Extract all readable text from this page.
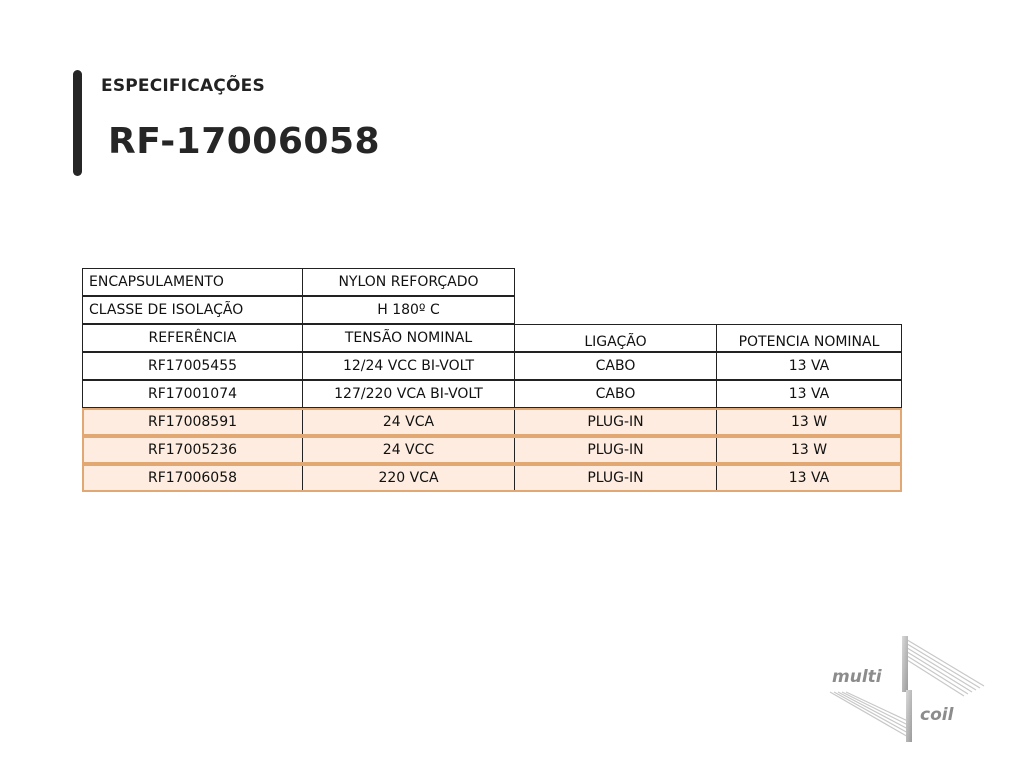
ESPECIFICAÇÕES
RF-17006058
ENCAPSULAMENTO	NYLON REFORÇADO
CLASSE DE ISOLAÇÃO	H 180º C
REFERÊNCIA	TENSÃO NOMINAL	LIGAÇÃO	POTENCIA NOMINAL
RF17005455	12/24 VCC BI-VOLT	CABO	13 VA
RF17001074	127/220 VCA BI-VOLT	CABO	13 VA
RF17008591	24 VCA	PLUG-IN	13 W
RF17005236	24 VCC	PLUG-IN	13 W
RF17006058	220 VCA	PLUG-IN	13 VA
multi
coil
